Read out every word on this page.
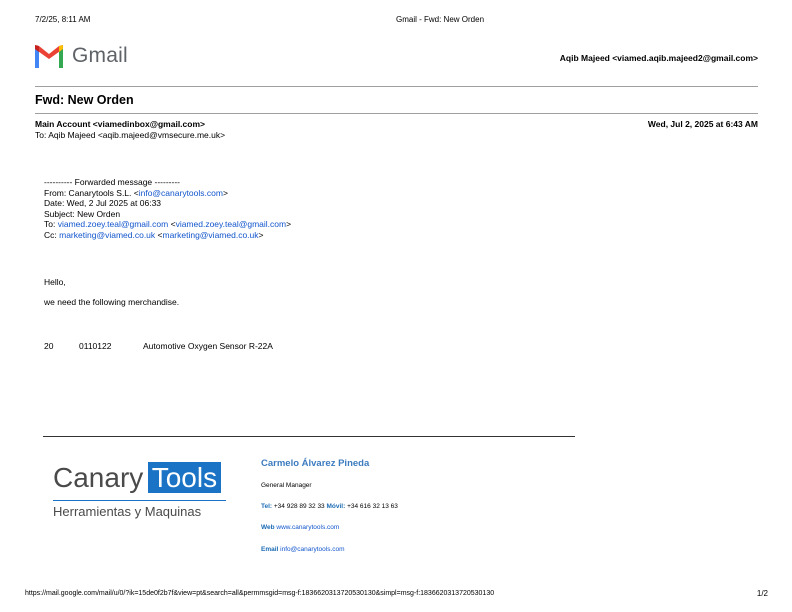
7/2/25, 8:11 AM	Gmail - Fwd: New Orden
Gmail	Aqib Majeed <viamed.aqib.majeed2@gmail.com>
Fwd: New Orden
Main Account <viamedinbox@gmail.com>
To: Aqib Majeed <aqib.majeed@vmsecure.me.uk>
Wed, Jul 2, 2025 at 6:43 AM
---------- Forwarded message ---------
From: Canarytools S.L. <info@canarytools.com>
Date: Wed, 2 Jul 2025 at 06:33
Subject: New Orden
To: viamed.zoey.teal@gmail.com <viamed.zoey.teal@gmail.com>
Cc: marketing@viamed.co.uk <marketing@viamed.co.uk>
Hello,
we need the following merchandise.
20	0110122	Automotive Oxygen Sensor R-22A
Canary Tools
Herramientas y Maquinas
Carmelo Álvarez Pineda
General Manager
Tel: +34 928 89 32 33 Móvil: +34 616 32 13 63
Web www.canarytools.com
Email info@canarytools.com
https://mail.google.com/mail/u/0/?ik=15de0f2b7f&view=pt&search=all&permmsgid=msg-f:1836620313720530130&simpl=msg-f:1836620313720530130	1/2
